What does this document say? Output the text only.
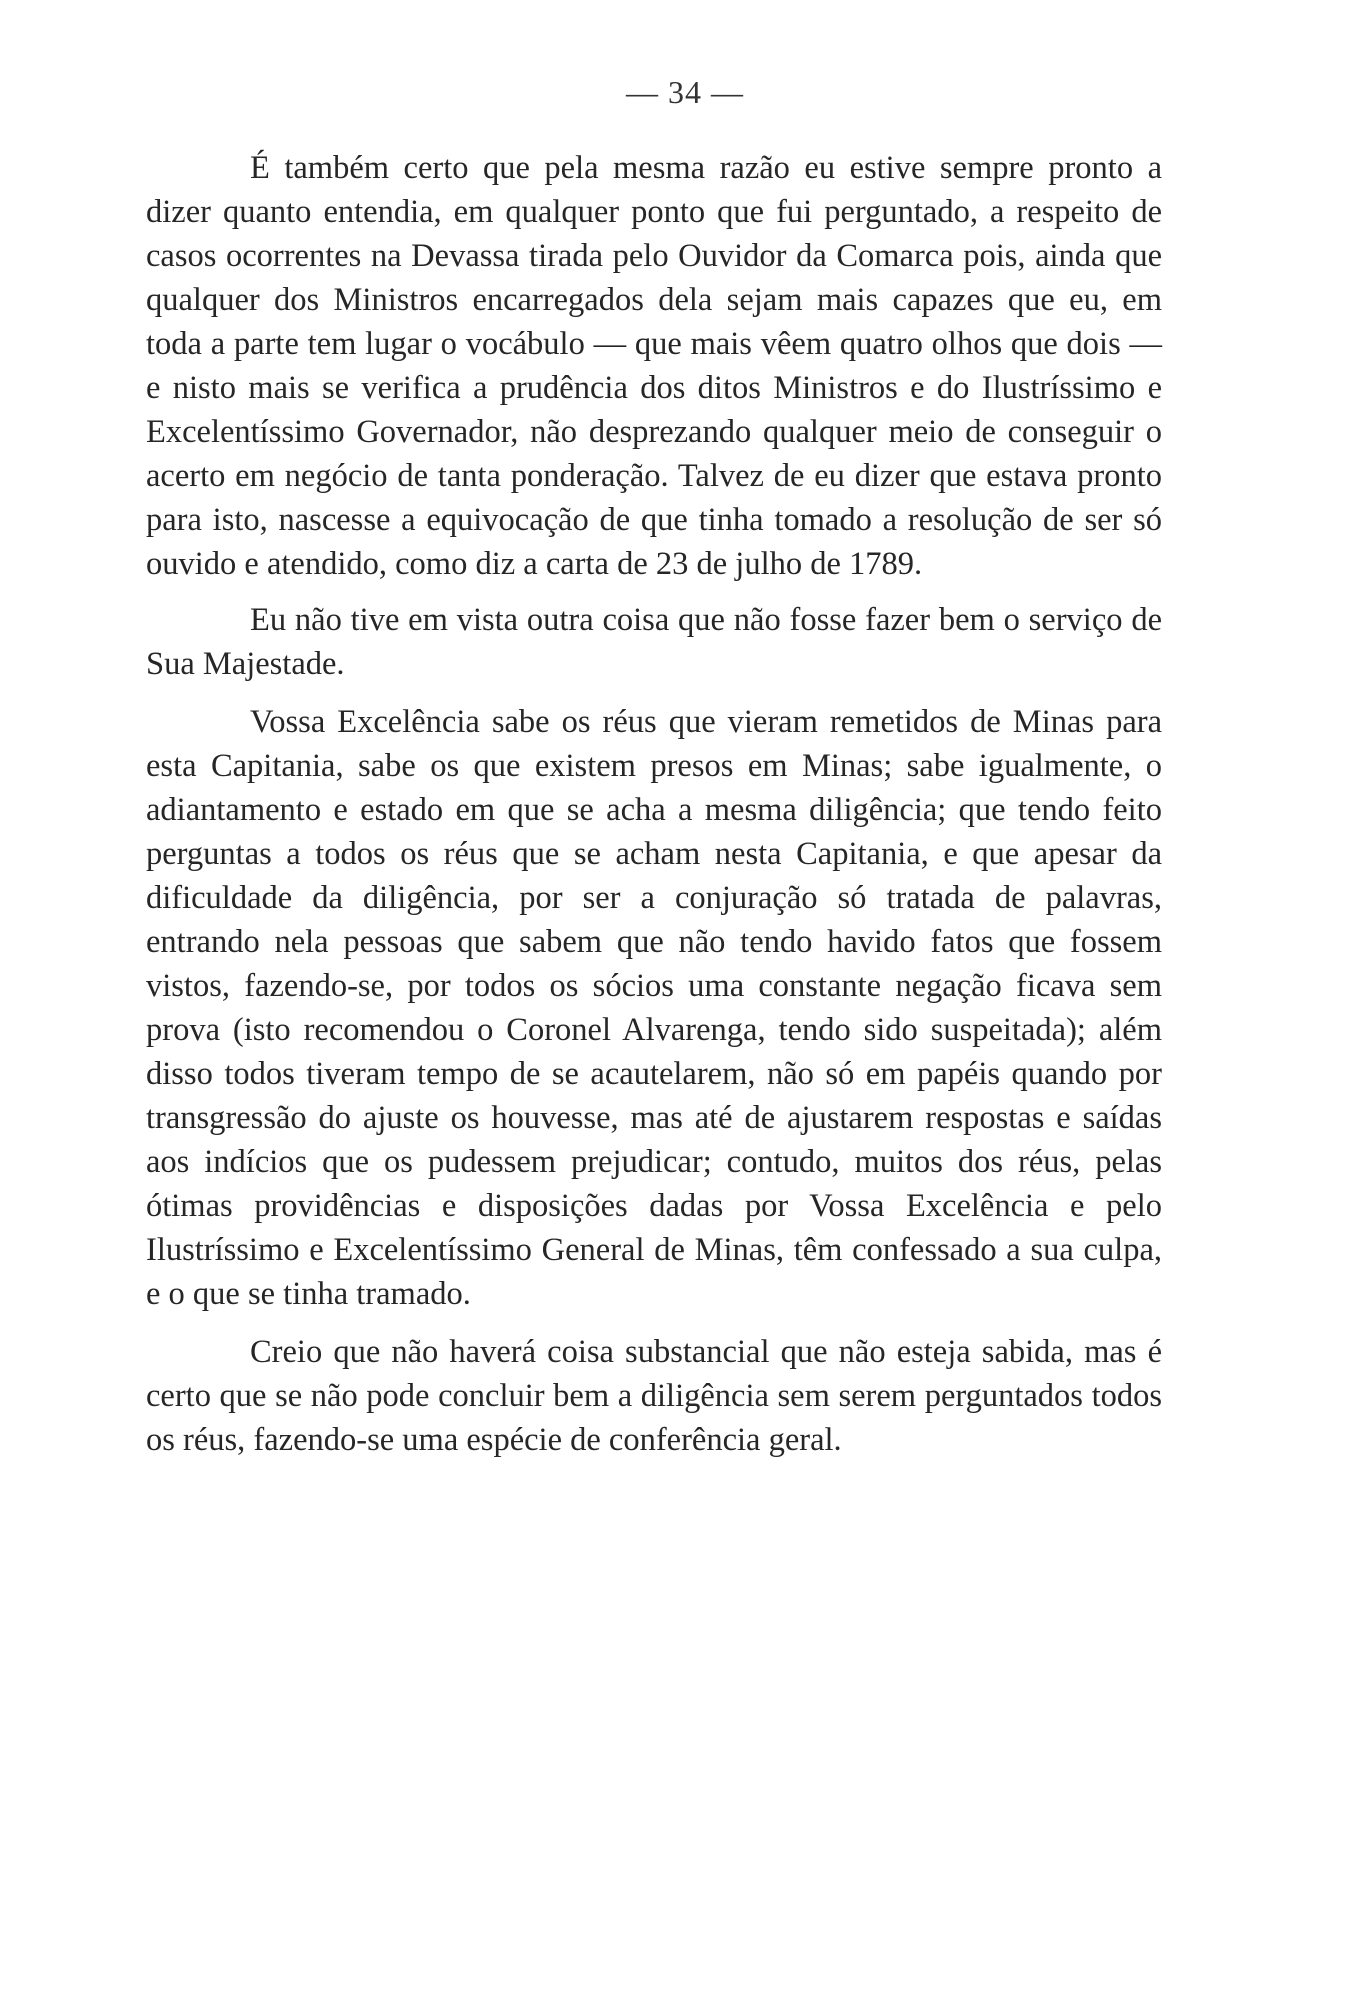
— 34 —

É também certo que pela mesma razão eu estive sempre pronto a dizer quanto entendia, em qualquer ponto que fui perguntado, a respeito de casos ocorrentes na Devassa tirada pelo Ouvidor da Comarca pois, ainda que qualquer dos Ministros encarregados dela sejam mais capazes que eu, em toda a parte tem lugar o vocábulo — que mais vêem quatro olhos que dois — e nisto mais se verifica a prudência dos ditos Ministros e do Ilustríssimo e Excelentíssimo Governador, não desprezando qualquer meio de conseguir o acerto em negócio de tanta ponderação. Talvez de eu dizer que estava pronto para isto, nascesse a equivocação de que tinha tomado a resolução de ser só ouvido e atendido, como diz a carta de 23 de julho de 1789.

Eu não tive em vista outra coisa que não fosse fazer bem o serviço de Sua Majestade.

Vossa Excelência sabe os réus que vieram remetidos de Minas para esta Capitania, sabe os que existem presos em Minas; sabe igualmente, o adiantamento e estado em que se acha a mesma diligência; que tendo feito perguntas a todos os réus que se acham nesta Capitania, e que apesar da dificuldade da diligência, por ser a conjuração só tratada de palavras, entrando nela pessoas que sabem que não tendo havido fatos que fossem vistos, fazendo-se, por todos os sócios uma constante negação ficava sem prova (isto recomendou o Coronel Alvarenga, tendo sido suspeitada); além disso todos tiveram tempo de se acautelarem, não só em papéis quando por transgressão do ajuste os houvesse, mas até de ajustarem respostas e saídas aos indícios que os pudessem prejudicar; contudo, muitos dos réus, pelas ótimas providências e disposições dadas por Vossa Excelência e pelo Ilustríssimo e Excelentíssimo General de Minas, têm confessado a sua culpa, e o que se tinha tramado.

Creio que não haverá coisa substancial que não esteja sabida, mas é certo que se não pode concluir bem a diligência sem serem perguntados todos os réus, fazendo-se uma espécie de conferência geral.
